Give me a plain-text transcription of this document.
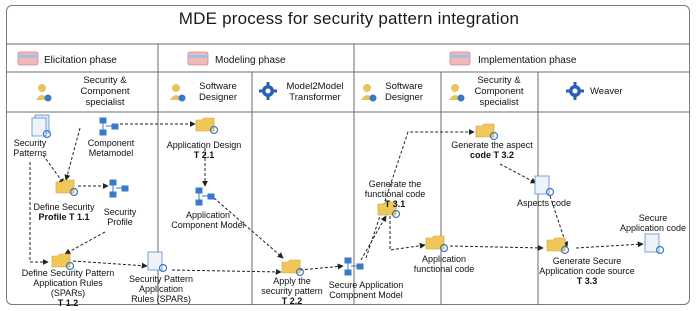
MDE process for security pattern integration
Elicitation phase	Modeling phase	Implementation phase
Security &
Component
specialist
Software
Designer
Model2Model
Transformer
Software
Designer
Security &
Component
specialist
Weaver
Security
Patterns
Component
Metamodel
Define Security
Profile T 1.1	Security
Profile
Define Security Pattern
Application Rules
(SPARs)
T 1.2
Security Pattern
Application
Rules (SPARs)
Application Design
T 2.1
Application
Component Model
Apply the
security pattern
T 2.2
Secure Application
Component Model
Generate the
functional code
T 3.1
Application
functional code
Generate the aspect
code T 3.2
Aspects code
Generate Secure
Application code source
T 3.3
Secure
Application code
